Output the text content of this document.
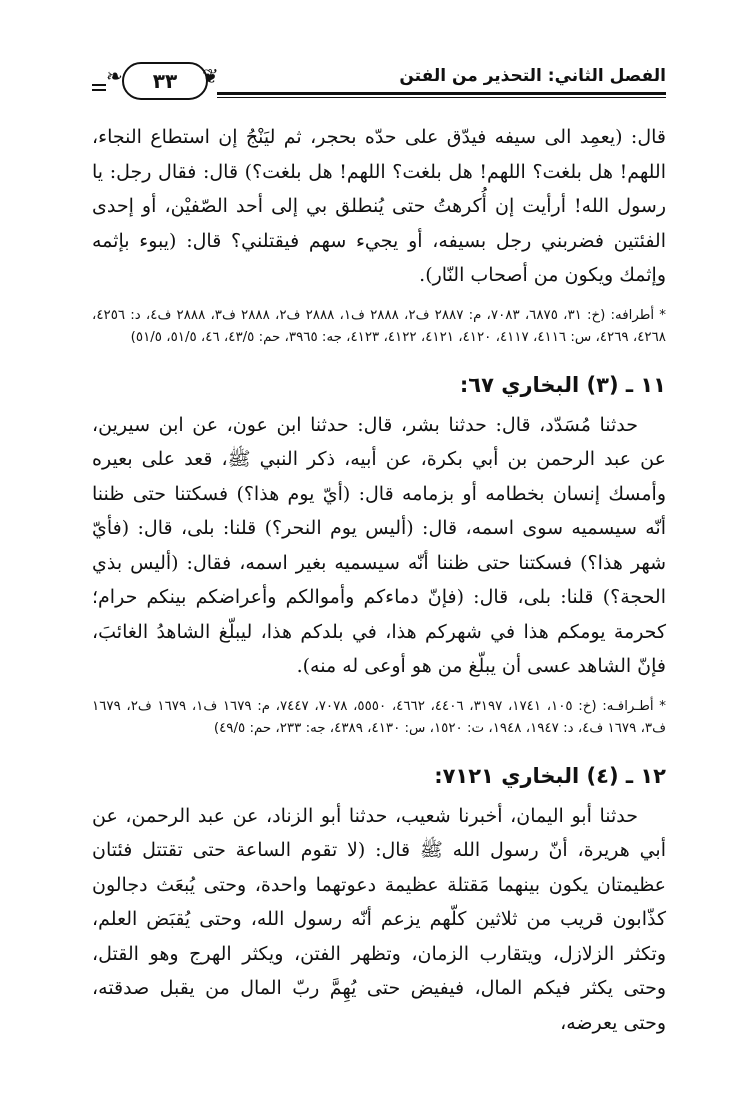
الفصل الثاني: التحذير من الفتن
❦
٣٣
❧

قال: (يعمِد الى سيفه فيدّق على حدّه بحجر، ثم ليَنْجُ إن استطاع النجاء، اللهم! هل بلغت؟ اللهم! هل بلغت؟ اللهم! هل بلغت؟) قال: فقال رجل: يا رسول الله! أرأيت إن أُكرهتُ حتى يُنطلق بي إلى أحد الصّفيْن، أو إحدى الفئتين فضربني رجل بسيفه، أو يجيء سهم فيقتلني؟ قال: (يبوء بإثمه وإثمك ويكون من أصحاب النّار).

* أطرافه: (خ: ٣١، ٦٨٧٥، ٧٠٨٣، م: ٢٨٨٧ ف٢، ٢٨٨٨ ف١، ٢٨٨٨ ف٢، ٢٨٨٨ ف٣، ٢٨٨٨ ف٤، د: ٤٢٥٦، ٤٢٦٨، ٤٢٦٩، س: ٤١١٦، ٤١١٧، ٤١٢٠، ٤١٢١، ٤١٢٢، ٤١٢٣، جه: ٣٩٦٥، حم: ٤٣/٥، ٤٦، ٥١/٥، ٥١/٥)

١١ ـ (٣) البخاري ٦٧:

حدثنا مُسَدّد، قال: حدثنا بشر، قال: حدثنا ابن عون، عن ابن سيرين، عن عبد الرحمن بن أبي بكرة، عن أبيه، ذكر النبي ﷺ، قعد على بعيره وأمسك إنسان بخطامه أو بزمامه قال: (أيّ يوم هذا؟) فسكتنا حتى ظننا أنّه سيسميه سوى اسمه، قال: (أليس يوم النحر؟) قلنا: بلى، قال: (فأيّ شهر هذا؟) فسكتنا حتى ظننا أنّه سيسميه بغير اسمه، فقال: (أليس بذي الحجة؟) قلنا: بلى، قال: (فإنّ دماءكم وأموالكم وأعراضكم بينكم حرام؛ كحرمة يومكم هذا في شهركم هذا، في بلدكم هذا، ليبلّغ الشاهدُ الغائبَ، فإنّ الشاهد عسى أن يبلّغ من هو أوعى له منه).

* أطـرافـه: (خ: ١٠٥، ١٧٤١، ٣١٩٧، ٤٤٠٦، ٤٦٦٢، ٥٥٥٠، ٧٠٧٨، ٧٤٤٧، م: ١٦٧٩ ف١، ١٦٧٩ ف٢، ١٦٧٩ ف٣، ١٦٧٩ ف٤، د: ١٩٤٧، ١٩٤٨، ت: ١٥٢٠، س: ٤١٣٠، ٤٣٨٩، جه: ٢٣٣، حم: ٤٩/٥)

١٢ ـ (٤) البخاري ٧١٢١:

حدثنا أبو اليمان، أخبرنا شعيب، حدثنا أبو الزناد، عن عبد الرحمن، عن أبي هريرة، أنّ رسول الله ﷺ قال: (لا تقوم الساعة حتى تقتتل فئتان عظيمتان يكون بينهما مَقتلة عظيمة دعوتهما واحدة، وحتى يُبعَث دجالون كذّابون قريب من ثلاثين كلّهم يزعم أنّه رسول الله، وحتى يُقبَض العلم، وتكثر الزلازل، ويتقارب الزمان، وتظهر الفتن، ويكثر الهرج وهو القتل، وحتى يكثر فيكم المال، فيفيض حتى يُهِمَّ ربّ المال من يقبل صدقته، وحتى يعرضه،
